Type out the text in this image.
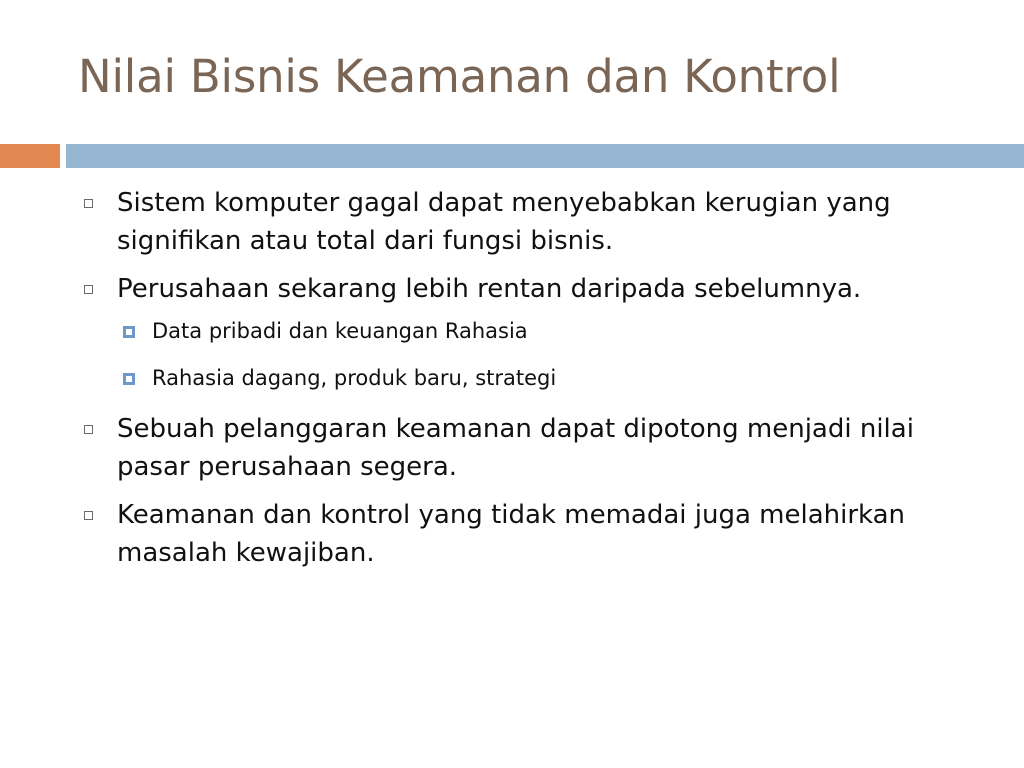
Nilai Bisnis Keamanan dan Kontrol
Sistem komputer gagal dapat menyebabkan kerugian yang signifikan atau total dari fungsi bisnis.
Perusahaan sekarang lebih rentan daripada sebelumnya.
Data pribadi dan keuangan Rahasia
Rahasia dagang, produk baru, strategi
Sebuah pelanggaran keamanan dapat dipotong menjadi nilai pasar perusahaan segera.
Keamanan dan kontrol yang tidak memadai juga melahirkan masalah kewajiban.
